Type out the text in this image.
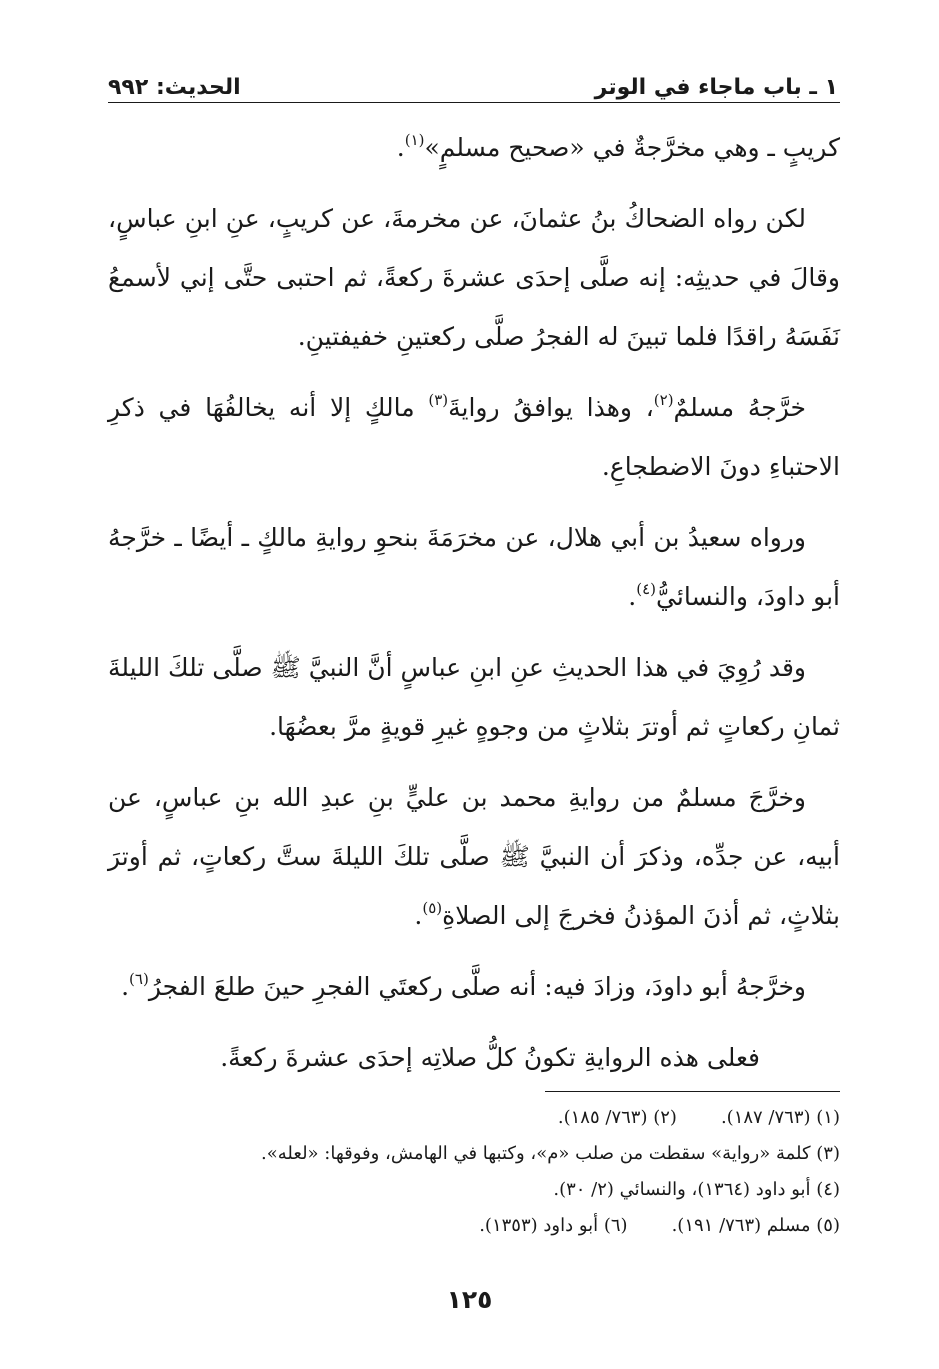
١ ـ باب ماجاء في الوتر
الحديث: ٩٩٢

كريبٍ ـ وهي مخرَّجةٌ في «صحيح مسلمٍ»$^{(١)}$.

لكن رواه الضحاكُ بنُ عثمانَ، عن مخرمةَ، عن كريبٍ، عنِ ابنِ عباسٍ، وقالَ في حديثِه: إنه صلَّى إحدَى عشرةَ ركعةً، ثم احتبى حتَّى إني لأسمعُ نَفَسَهُ راقدًا فلما تبينَ له الفجرُ صلَّى ركعتينِ خفيفتينِ.

خرَّجهُ مسلمٌ$^{(٢)}$، وهذا يوافقُ روايةَ$^{(٣)}$ مالكٍ إلا أنه يخالفُهَا في ذكرِ الاحتباءِ دونَ الاضطجاعِ.

ورواه سعيدُ بن أبي هلال، عن مخرَمَةَ بنحوِ روايةِ مالكٍ ـ أيضًا ـ خرَّجهُ أبو داودَ، والنسائيُّ$^{(٤)}$.

وقد رُوِيَ في هذا الحديثِ عنِ ابنِ عباسٍ أنَّ النبيَّ ﷺ صلَّى تلكَ الليلةَ ثمانِ ركعاتٍ ثم أوترَ بثلاثٍ من وجوهٍ غيرِ قويةٍ مرَّ بعضُهَا.

وخرَّجَ مسلمٌ من روايةِ محمد بن عليٍّ بنِ عبدِ الله بنِ عباسٍ، عن أبيه، عن جدِّه، وذكرَ أن النبيَّ ﷺ صلَّى تلكَ الليلةَ ستَّ ركعاتٍ، ثم أوترَ بثلاثٍ، ثم أذنَ المؤذنُ فخرجَ إلى الصلاةِ$^{(٥)}$.

وخرَّجهُ أبو داودَ، وزادَ فيه: أنه صلَّى ركعتَي الفجرِ حينَ طلعَ الفجرُ$^{(٦)}$.

فعلى هذه الروايةِ تكونُ كلُّ صلاتِه إحدَى عشرةَ ركعةً.

(١) (٧٦٣/ ١٨٧).(٢) (٧٦٣/ ١٨٥).

(٣) كلمة «رواية» سقطت من صلب «م»، وكتبها في الهامش، وفوقها: «لعله».

(٤) أبو داود (١٣٦٤)، والنسائي (٢/ ٣٠).

(٥) مسلم (٧٦٣/ ١٩١).(٦) أبو داود (١٣٥٣).

١٢٥
